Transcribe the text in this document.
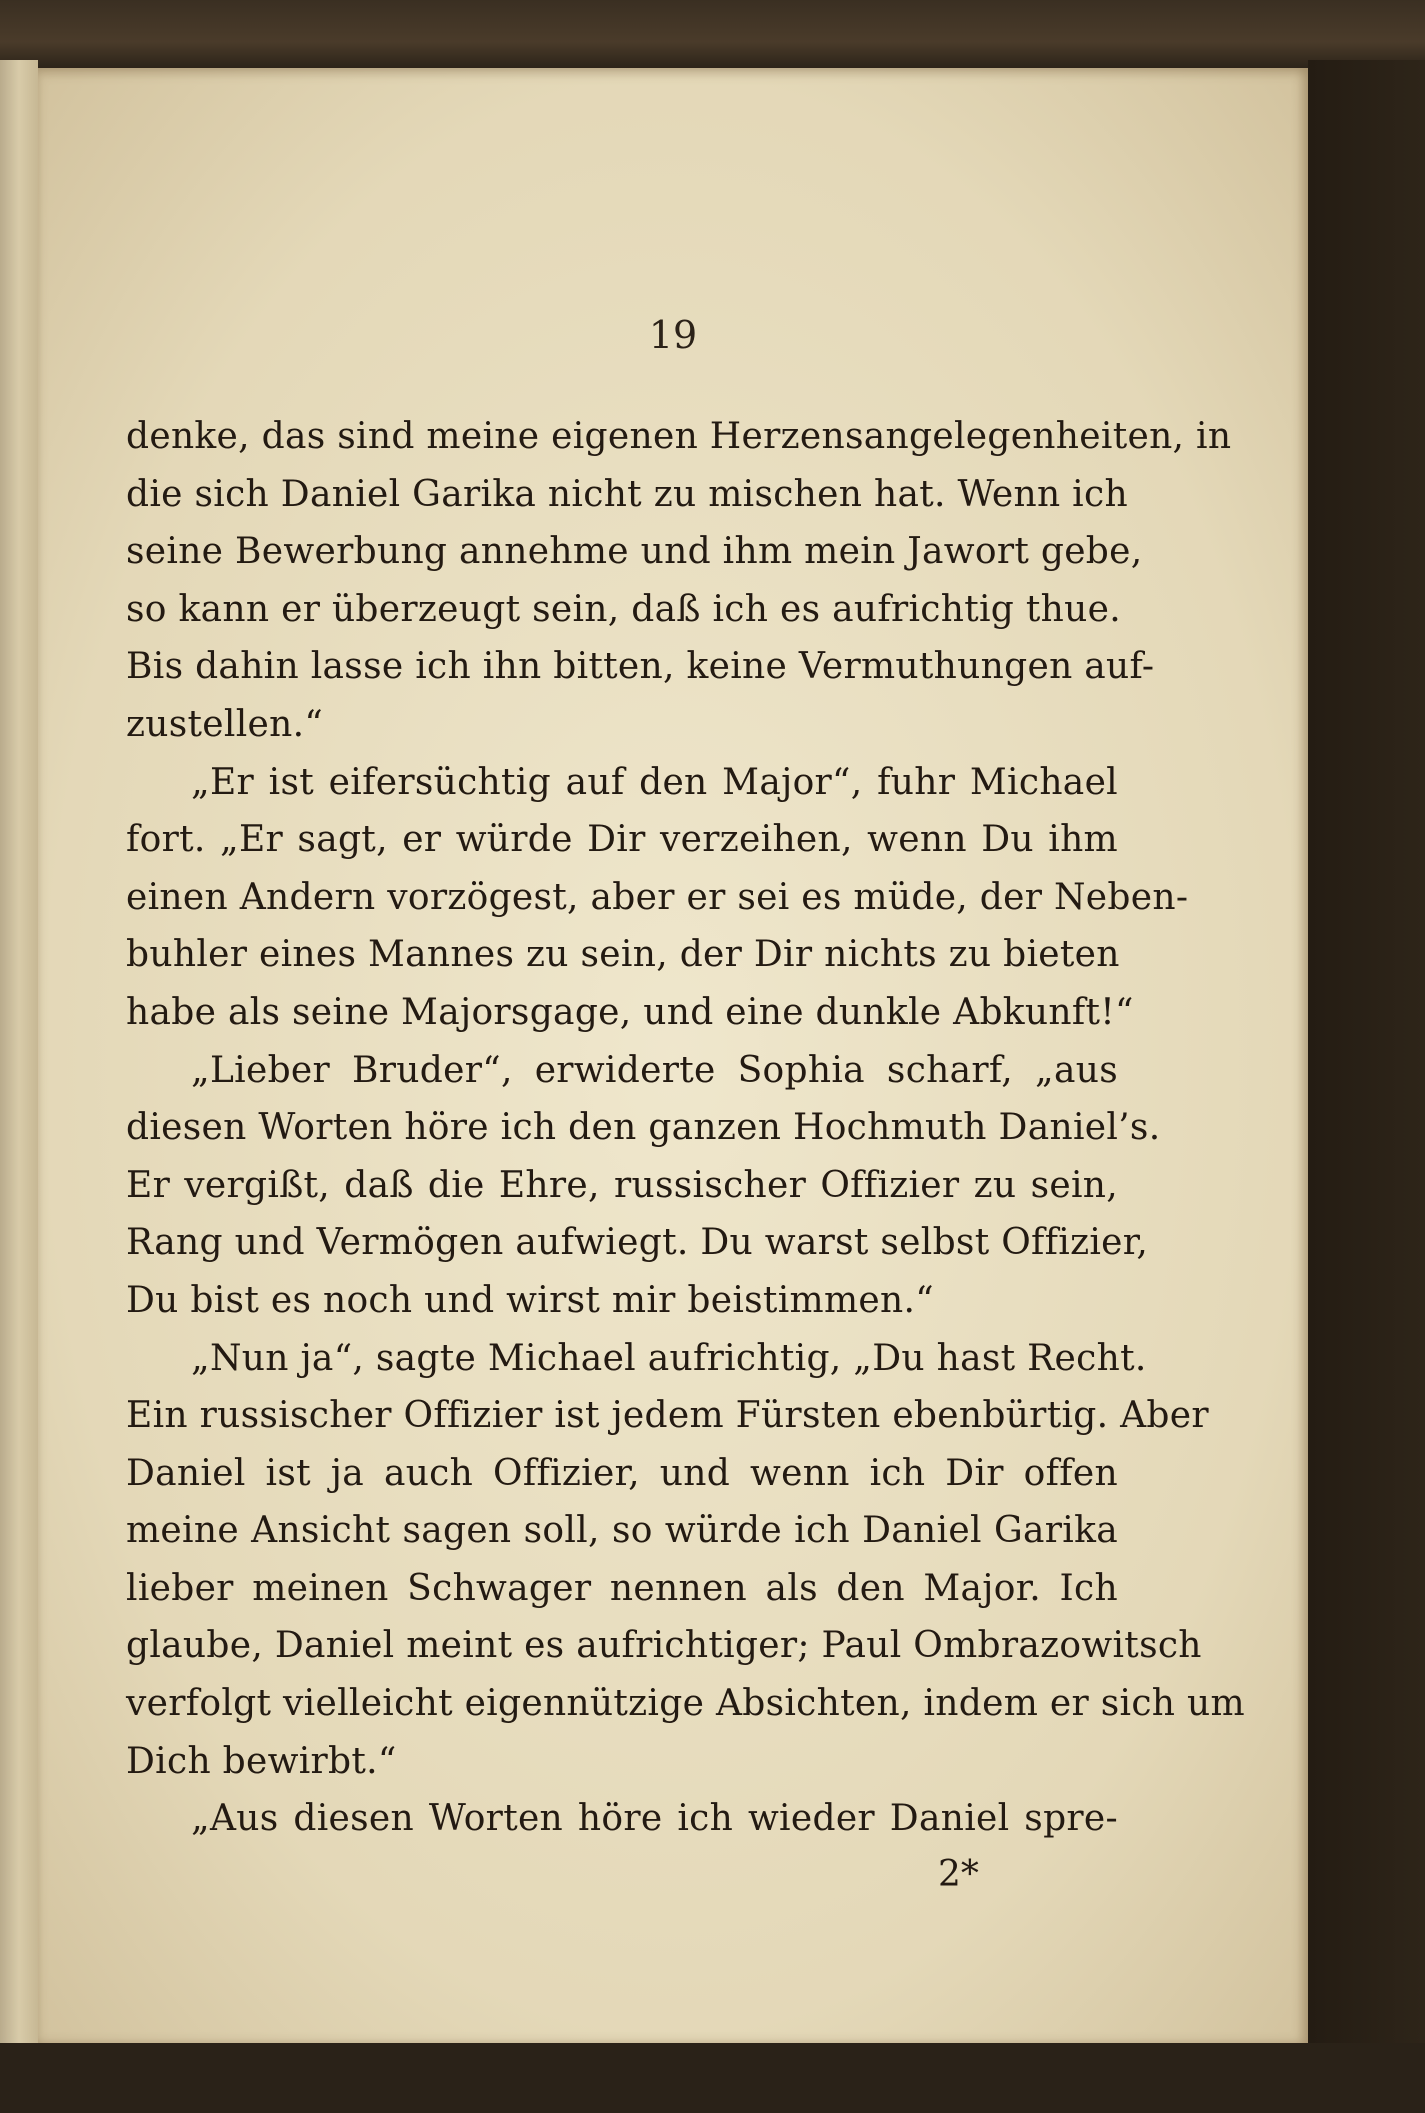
19
denke, das sind meine eigenen Herzensangelegenheiten, in
die sich Daniel Garika nicht zu mischen hat. Wenn ich
seine Bewerbung annehme und ihm mein Jawort gebe,
so kann er überzeugt sein, daß ich es aufrichtig thue.
Bis dahin lasse ich ihn bitten, keine Vermuthungen auf-
zustellen.“
„Er ist eifersüchtig auf den Major“, fuhr Michael
fort. „Er sagt, er würde Dir verzeihen, wenn Du ihm
einen Andern vorzögest, aber er sei es müde, der Neben-
buhler eines Mannes zu sein, der Dir nichts zu bieten
habe als seine Majorsgage, und eine dunkle Abkunft!“
„Lieber Bruder“, erwiderte Sophia scharf, „aus
diesen Worten höre ich den ganzen Hochmuth Daniel’s.
Er vergißt, daß die Ehre, russischer Offizier zu sein,
Rang und Vermögen aufwiegt. Du warst selbst Offizier,
Du bist es noch und wirst mir beistimmen.“
„Nun ja“, sagte Michael aufrichtig, „Du hast Recht.
Ein russischer Offizier ist jedem Fürsten ebenbürtig. Aber
Daniel ist ja auch Offizier, und wenn ich Dir offen
meine Ansicht sagen soll, so würde ich Daniel Garika
lieber meinen Schwager nennen als den Major. Ich
glaube, Daniel meint es aufrichtiger; Paul Ombrazowitsch
verfolgt vielleicht eigennützige Absichten, indem er sich um
Dich bewirbt.“
„Aus diesen Worten höre ich wieder Daniel spre-
2*
